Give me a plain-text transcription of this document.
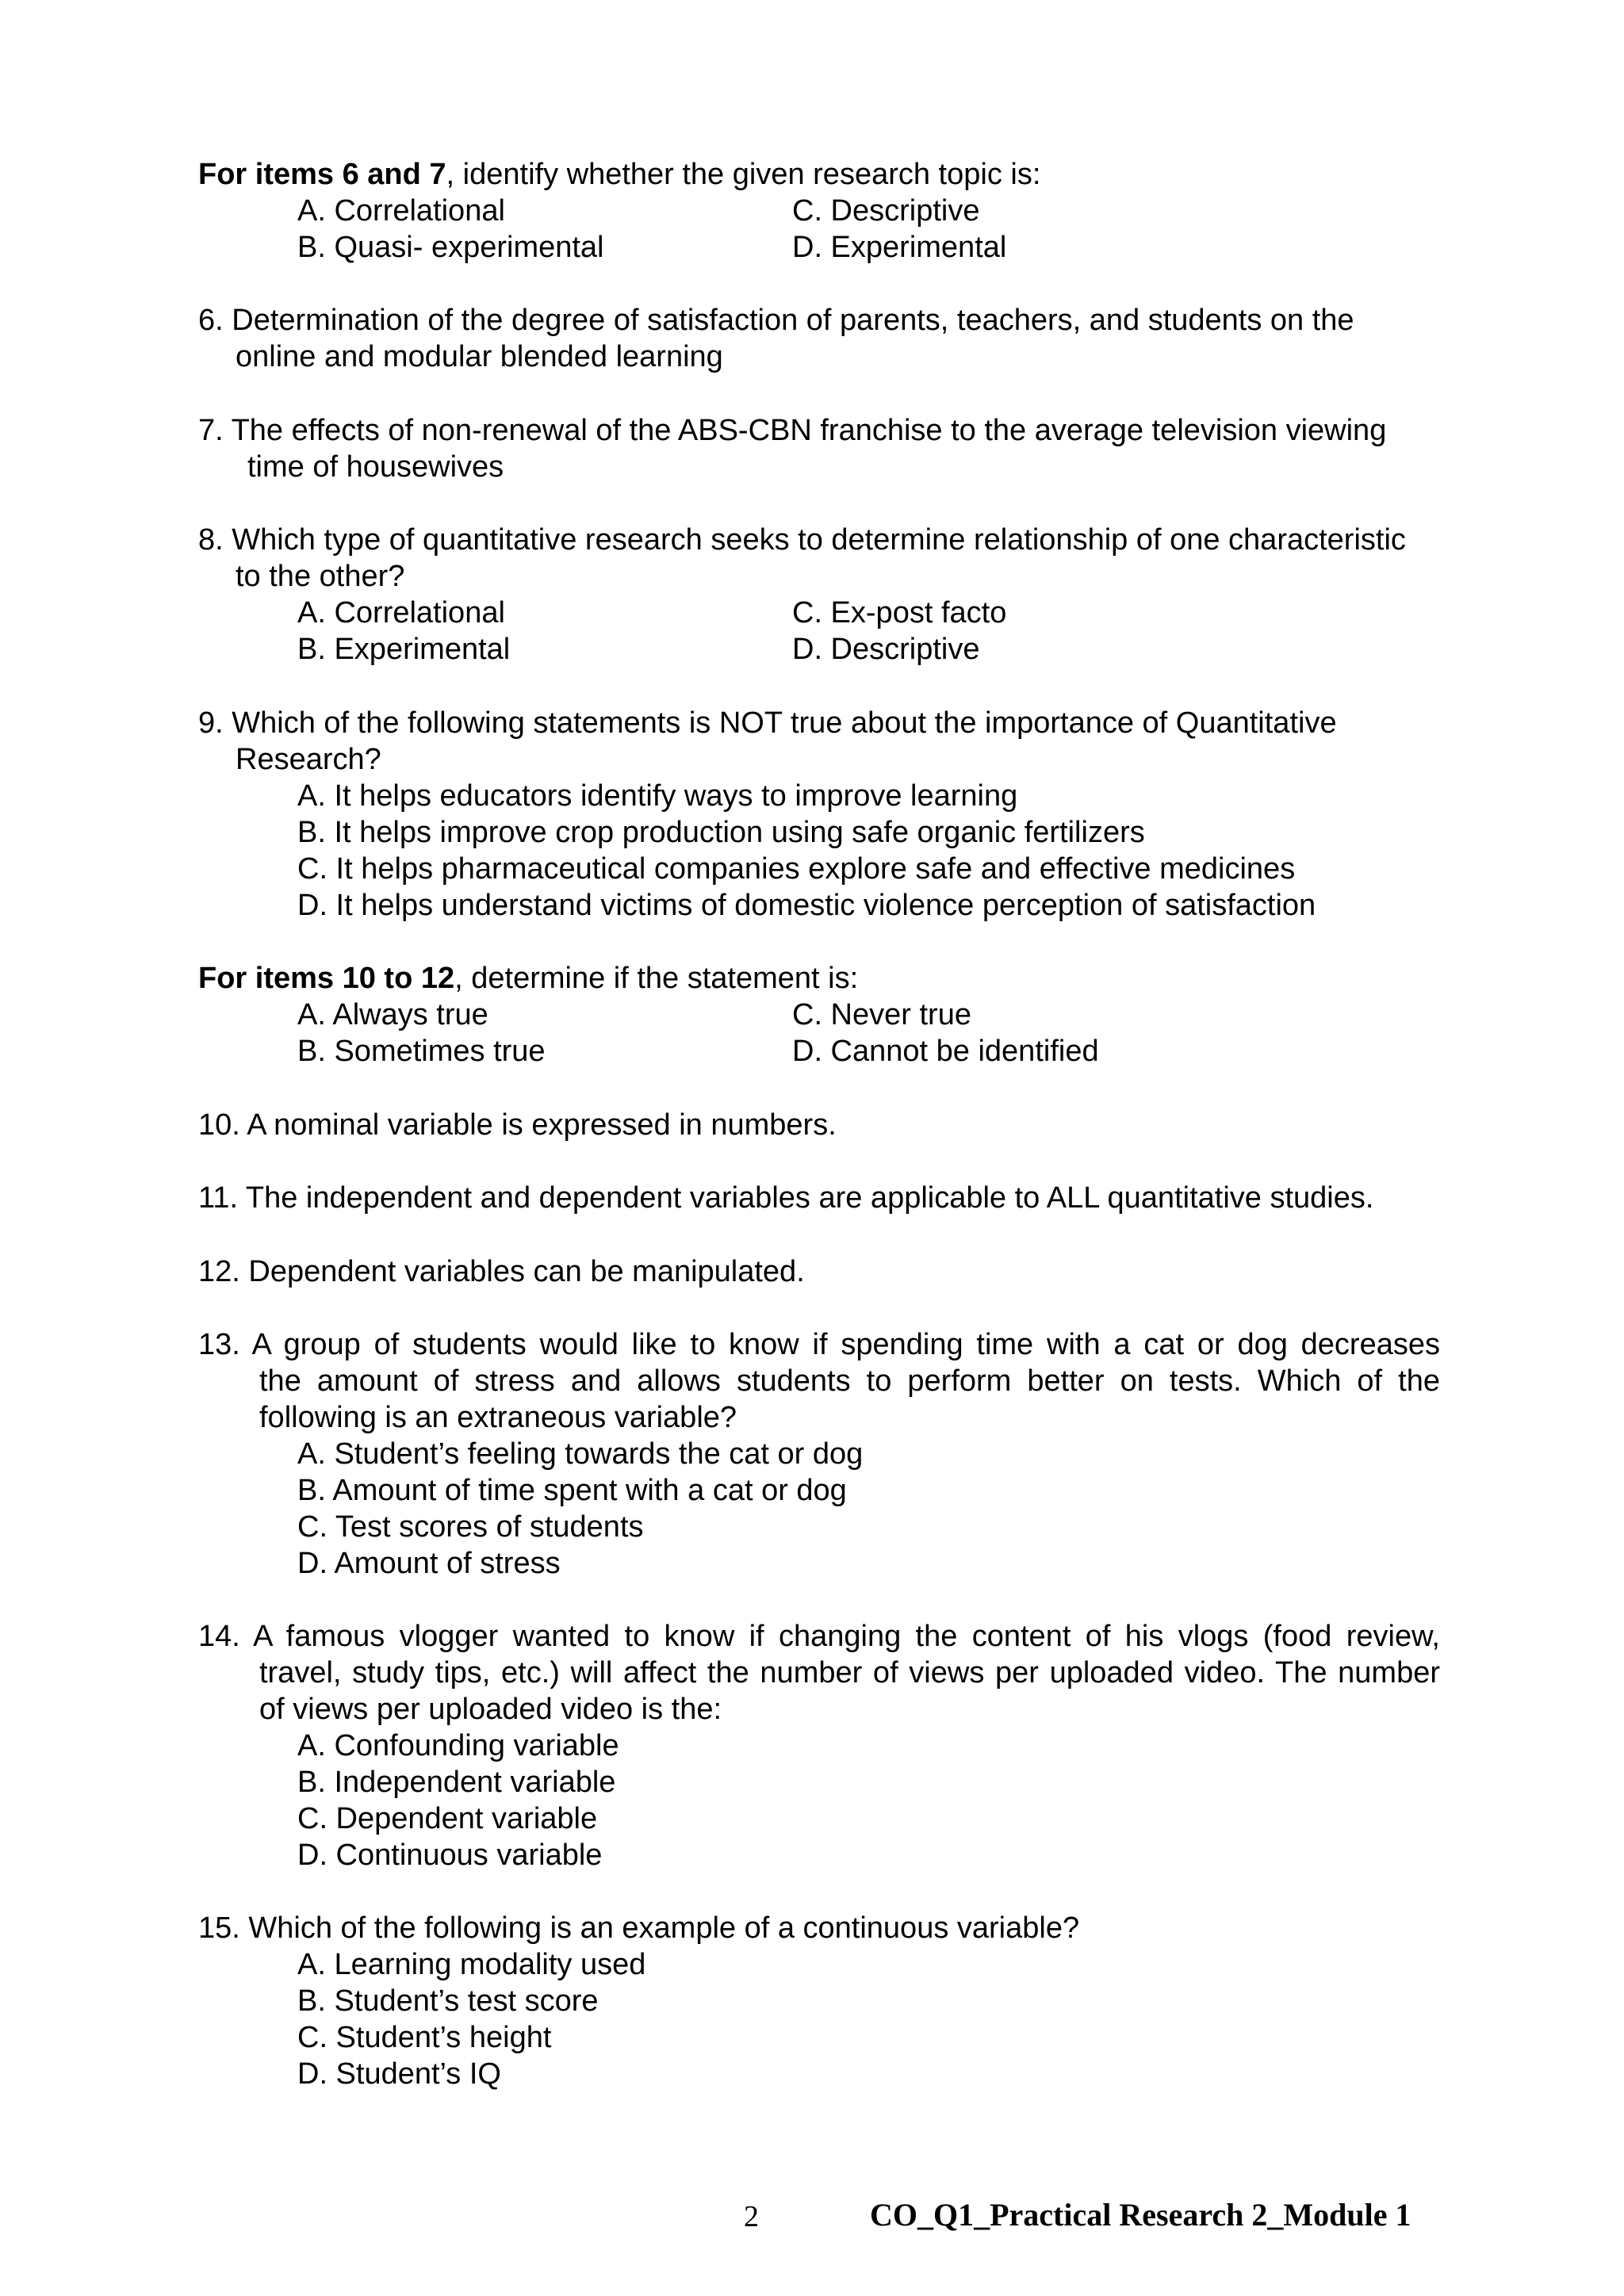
For items 6 and 7, identify whether the given research topic is:
A. Correlational	C. Descriptive
B. Quasi- experimental	D. Experimental
6. Determination of the degree of satisfaction of parents, teachers, and students on the
online and modular blended learning
7. The effects of non-renewal of the ABS-CBN franchise to the average television viewing
time of housewives
8. Which type of quantitative research seeks to determine relationship of one characteristic
to the other?
A. Correlational	C. Ex-post facto
B. Experimental	D. Descriptive
9. Which of the following statements is NOT true about the importance of Quantitative
Research?
A. It helps educators identify ways to improve learning
B. It helps improve crop production using safe organic fertilizers
C. It helps pharmaceutical companies explore safe and effective medicines
D. It helps understand victims of domestic violence perception of satisfaction
For items 10 to 12, determine if the statement is:
A. Always true	C. Never true
B. Sometimes true	D. Cannot be identified
10. A nominal variable is expressed in numbers.
11. The independent and dependent variables are applicable to ALL quantitative studies.
12. Dependent variables can be manipulated.
13. A group of students would like to know if spending time with a cat or dog decreases
the amount of stress and allows students to perform better on tests. Which of the
following is an extraneous variable?
A. Student’s feeling towards the cat or dog
B. Amount of time spent with a cat or dog
C. Test scores of students
D. Amount of stress
14. A famous vlogger wanted to know if changing the content of his vlogs (food review,
travel, study tips, etc.) will affect the number of views per uploaded video. The number
of views per uploaded video is the:
A. Confounding variable
B. Independent variable
C. Dependent variable
D. Continuous variable
15. Which of the following is an example of a continuous variable?
A. Learning modality used
B. Student’s test score
C. Student’s height
D. Student’s IQ
2	CO_Q1_Practical Research 2_Module 1
